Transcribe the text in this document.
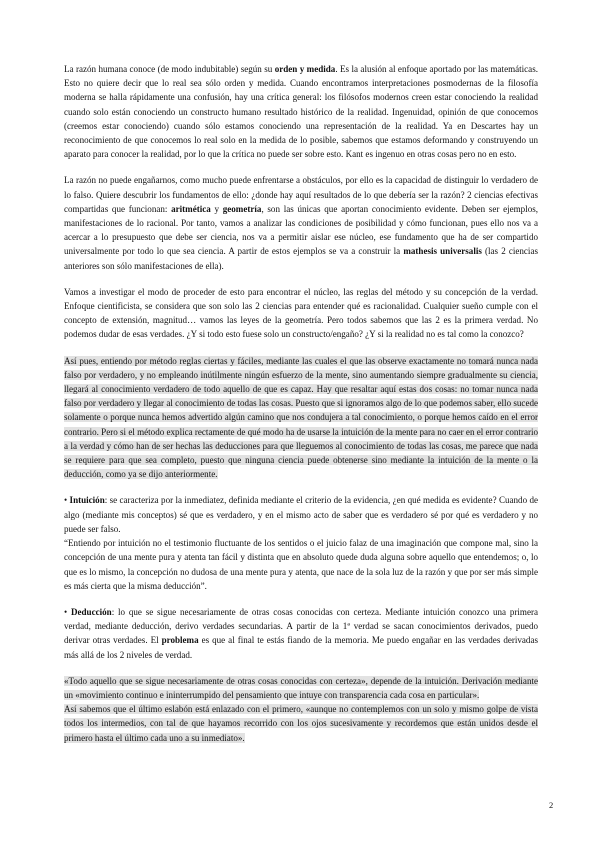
La razón humana conoce (de modo indubitable) según su orden y medida. Es la alusión al enfoque aportado por las matemáticas. Esto no quiere decir que lo real sea sólo orden y medida. Cuando encontramos interpretaciones posmodernas de la filosofía moderna se halla rápidamente una confusión, hay una crítica general: los filósofos modernos creen estar conociendo la realidad cuando solo están conociendo un constructo humano resultado histórico de la realidad. Ingenuidad, opinión de que conocemos (creemos estar conociendo) cuando sólo estamos conociendo una representación de la realidad. Ya en Descartes hay un reconocimiento de que conocemos lo real solo en la medida de lo posible, sabemos que estamos deformando y construyendo un aparato para conocer la realidad, por lo que la crítica no puede ser sobre esto. Kant es ingenuo en otras cosas pero no en esto.

La razón no puede engañarnos, como mucho puede enfrentarse a obstáculos, por ello es la capacidad de distinguir lo verdadero de lo falso. Quiere descubrir los fundamentos de ello: ¿donde hay aquí resultados de lo que debería ser la razón? 2 ciencias efectivas compartidas que funcionan: aritmética y geometría, son las únicas que aportan conocimiento evidente. Deben ser ejemplos, manifestaciones de lo racional. Por tanto, vamos a analizar las condiciones de posibilidad y cómo funcionan, pues ello nos va a acercar a lo presupuesto que debe ser ciencia, nos va a permitir aislar ese núcleo, ese fundamento que ha de ser compartido universalmente por todo lo que sea ciencia. A partir de estos ejemplos se va a construir la mathesis universalis (las 2 ciencias anteriores son sólo manifestaciones de ella).

Vamos a investigar el modo de proceder de esto para encontrar el núcleo, las reglas del método y su concepción de la verdad. Enfoque cientificista, se considera que son solo las 2 ciencias para entender qué es racionalidad. Cualquier sueño cumple con el concepto de extensión, magnitud… vamos las leyes de la geometría. Pero todos sabemos que las 2 es la primera verdad. No podemos dudar de esas verdades. ¿Y si todo esto fuese solo un constructo/engaño? ¿Y si la realidad no es tal como la conozco?

Así pues, entiendo por método reglas ciertas y fáciles, mediante las cuales el que las observe exactamente no tomará nunca nada falso por verdadero, y no empleando inútilmente ningún esfuerzo de la mente, sino aumentando siempre gradualmente su ciencia, llegará al conocimiento verdadero de todo aquello de que es capaz. Hay que resaltar aquí estas dos cosas: no tomar nunca nada falso por verdadero y llegar al conocimiento de todas las cosas. Puesto que si ignoramos algo de lo que podemos saber, ello sucede solamente o porque nunca hemos advertido algún camino que nos condujera a tal conocimiento, o porque hemos caído en el error contrario. Pero si el método explica rectamente de qué modo ha de usarse la intuición de la mente para no caer en el error contrario a la verdad y cómo han de ser hechas las deducciones para que lleguemos al conocimiento de todas las cosas, me parece que nada se requiere para que sea completo, puesto que ninguna ciencia puede obtenerse sino mediante la intuición de la mente o la deducción, como ya se dijo anteriormente.

• Intuición: se caracteriza por la inmediatez, definida mediante el criterio de la evidencia, ¿en qué medida es evidente? Cuando de algo (mediante mis conceptos) sé que es verdadero, y en el mismo acto de saber que es verdadero sé por qué es verdadero y no puede ser falso.

“Entiendo por intuición no el testimonio fluctuante de los sentidos o el juicio falaz de una imaginación que compone mal, sino la concepción de una mente pura y atenta tan fácil y distinta que en absoluto quede duda alguna sobre aquello que entendemos; o, lo que es lo mismo, la concepción no dudosa de una mente pura y atenta, que nace de la sola luz de la razón y que por ser más simple es más cierta que la misma deducción”.

• Deducción: lo que se sigue necesariamente de otras cosas conocidas con certeza. Mediante intuición conozco una primera verdad, mediante deducción, derivo verdades secundarias. A partir de la 1ª verdad se sacan conocimientos derivados, puedo derivar otras verdades. El problema es que al final te estás fiando de la memoria. Me puedo engañar en las verdades derivadas más allá de los 2 niveles de verdad.

«Todo aquello que se sigue necesariamente de otras cosas conocidas con certeza», depende de la intuición. Derivación mediante un «movimiento continuo e ininterrumpido del pensamiento que intuye con transparencia cada cosa en particular».

Así sabemos que el último eslabón está enlazado con el primero, «aunque no contemplemos con un solo y mismo golpe de vista todos los intermedios, con tal de que hayamos recorrido con los ojos sucesivamente y recordemos que están unidos desde el primero hasta el último cada uno a su inmediato».

2
